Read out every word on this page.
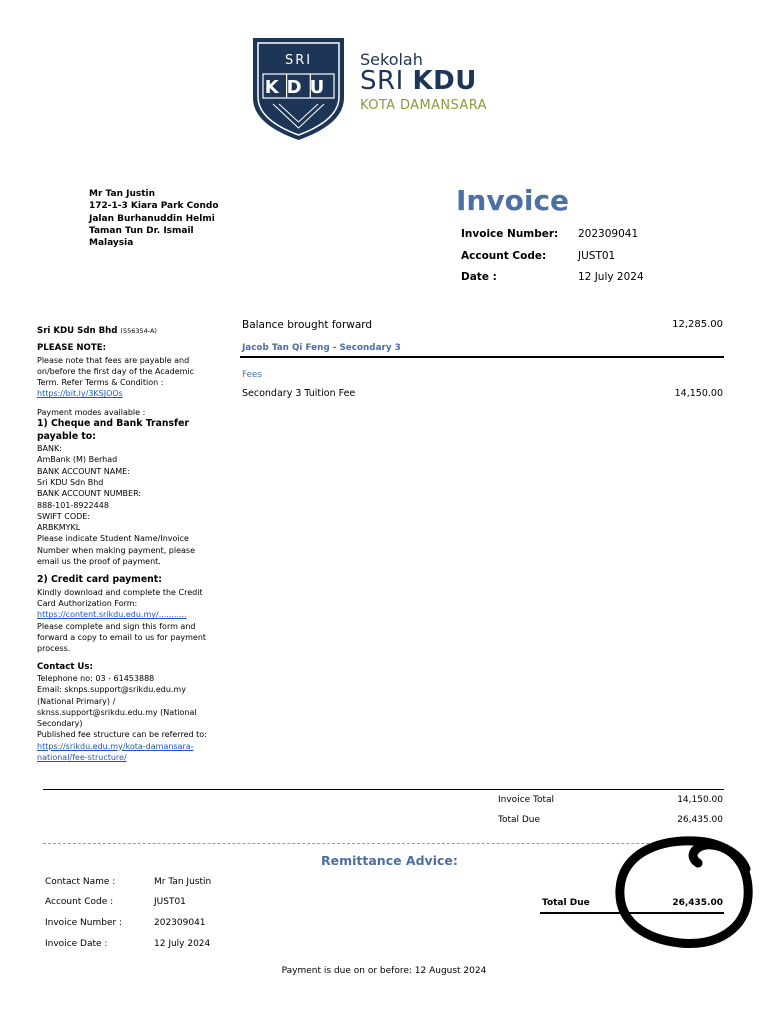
SRI
KDU
Sekolah
SRI KDU
KOTA DAMANSARA
Mr Tan Justin
172-1-3 Kiara Park Condo
Jalan Burhanuddin Helmi
Taman Tun Dr. Ismail
Malaysia
Invoice
Invoice Number: 202309041
Account Code:	JUST01
Date :	12 July 2024
Sri KDU Sdn Bhd (556354-A)
PLEASE NOTE:
Please note that fees are payable and on/before the first day of the Academic Term. Refer Terms & Condition :
https://bit.ly/3KSJOOs
Payment modes available :
1) Cheque and Bank Transfer payable to:
BANK:
AmBank (M) Berhad
BANK ACCOUNT NAME:
Sri KDU Sdn Bhd
BANK ACCOUNT NUMBER:
888-101-8922448
SWIFT CODE:
ARBKMYKL
Please indicate Student Name/Invoice Number when making payment, please email us the proof of payment.
2) Credit card payment:
Kindly download and complete the Credit Card Authorization Form:
https://content.srikdu.edu.my/...........
Please complete and sign this form and forward a copy to email to us for payment process.
Contact Us:
Telephone no: 03 - 61453888
Email: sknps.support@srikdu.edu.my (National Primary) / sknss.support@srikdu.edu.my (National Secondary)
Published fee structure can be referred to:
https://srikdu.edu.my/kota-damansara-national/fee-structure/
Balance brought forward	12,285.00
Jacob Tan Qi Feng - Secondary 3
Fees
Secondary 3 Tuition Fee	14,150.00
Invoice Total	14,150.00
Total Due	26,435.00
Remittance Advice:
Contact Name :	Mr Tan Justin
Account Code :	JUST01
Invoice Number :	202309041
Invoice Date :	12 July 2024
Total Due	26,435.00
Payment is due on or before: 12 August 2024
